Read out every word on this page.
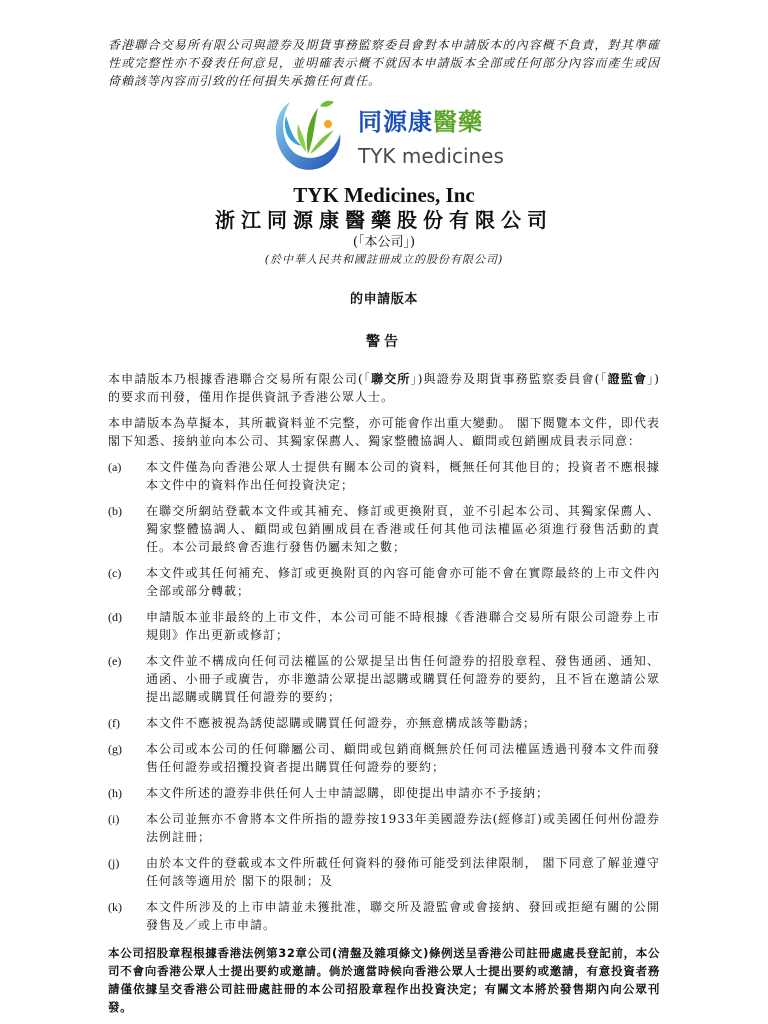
香港聯合交易所有限公司與證券及期貨事務監察委員會對本申請版本的內容概不負責，對其準確性或完整性亦不發表任何意見，並明確表示概不就因本申請版本全部或任何部分內容而產生或因倚賴該等內容而引致的任何損失承擔任何責任。
同源康醫藥
TYK medicines
TYK Medicines, Inc
浙江同源康醫藥股份有限公司
(「本公司」)
(於中華人民共和國註冊成立的股份有限公司)
的申請版本
警告
本申請版本乃根據香港聯合交易所有限公司(「聯交所」)與證券及期貨事務監察委員會(「證監會」)的要求而刊發，僅用作提供資訊予香港公眾人士。
本申請版本為草擬本，其所載資料並不完整，亦可能會作出重大變動。 閣下閱覽本文件，即代表 閣下知悉、接納並向本公司、其獨家保薦人、獨家整體協調人、顧問或包銷團成員表示同意：
(a) 本文件僅為向香港公眾人士提供有關本公司的資料，概無任何其他目的；投資者不應根據本文件中的資料作出任何投資決定；
(b) 在聯交所網站登載本文件或其補充、修訂或更換附頁，並不引起本公司、其獨家保薦人、獨家整體協調人、顧問或包銷團成員在香港或任何其他司法權區必須進行發售活動的責任。本公司最終會否進行發售仍屬未知之數；
(c) 本文件或其任何補充、修訂或更換附頁的內容可能會亦可能不會在實際最終的上市文件內全部或部分轉載；
(d) 申請版本並非最終的上市文件，本公司可能不時根據《香港聯合交易所有限公司證券上市規則》作出更新或修訂；
(e) 本文件並不構成向任何司法權區的公眾提呈出售任何證券的招股章程、發售通函、通知、通函、小冊子或廣告，亦非邀請公眾提出認購或購買任何證券的要約，且不旨在邀請公眾提出認購或購買任何證券的要約；
(f) 本文件不應被視為誘使認購或購買任何證券，亦無意構成該等勸誘；
(g) 本公司或本公司的任何聯屬公司、顧問或包銷商概無於任何司法權區透過刊發本文件而發售任何證券或招攬投資者提出購買任何證券的要約；
(h) 本文件所述的證券非供任何人士申請認購，即使提出申請亦不予接納；
(i) 本公司並無亦不會將本文件所指的證券按1933年美國證券法(經修訂)或美國任何州份證券法例註冊；
(j) 由於本文件的登載或本文件所載任何資料的發佈可能受到法律限制， 閣下同意了解並遵守任何該等適用於 閣下的限制；及
(k) 本文件所涉及的上市申請並未獲批准，聯交所及證監會或會接納、發回或拒絕有關的公開發售及／或上市申請。
本公司招股章程根據香港法例第32章公司(清盤及雜項條文)條例送呈香港公司註冊處處長登記前，本公司不會向香港公眾人士提出要約或邀請。倘於適當時候向香港公眾人士提出要約或邀請，有意投資者務請僅依據呈交香港公司註冊處註冊的本公司招股章程作出投資決定；有關文本將於發售期內向公眾刊發。
